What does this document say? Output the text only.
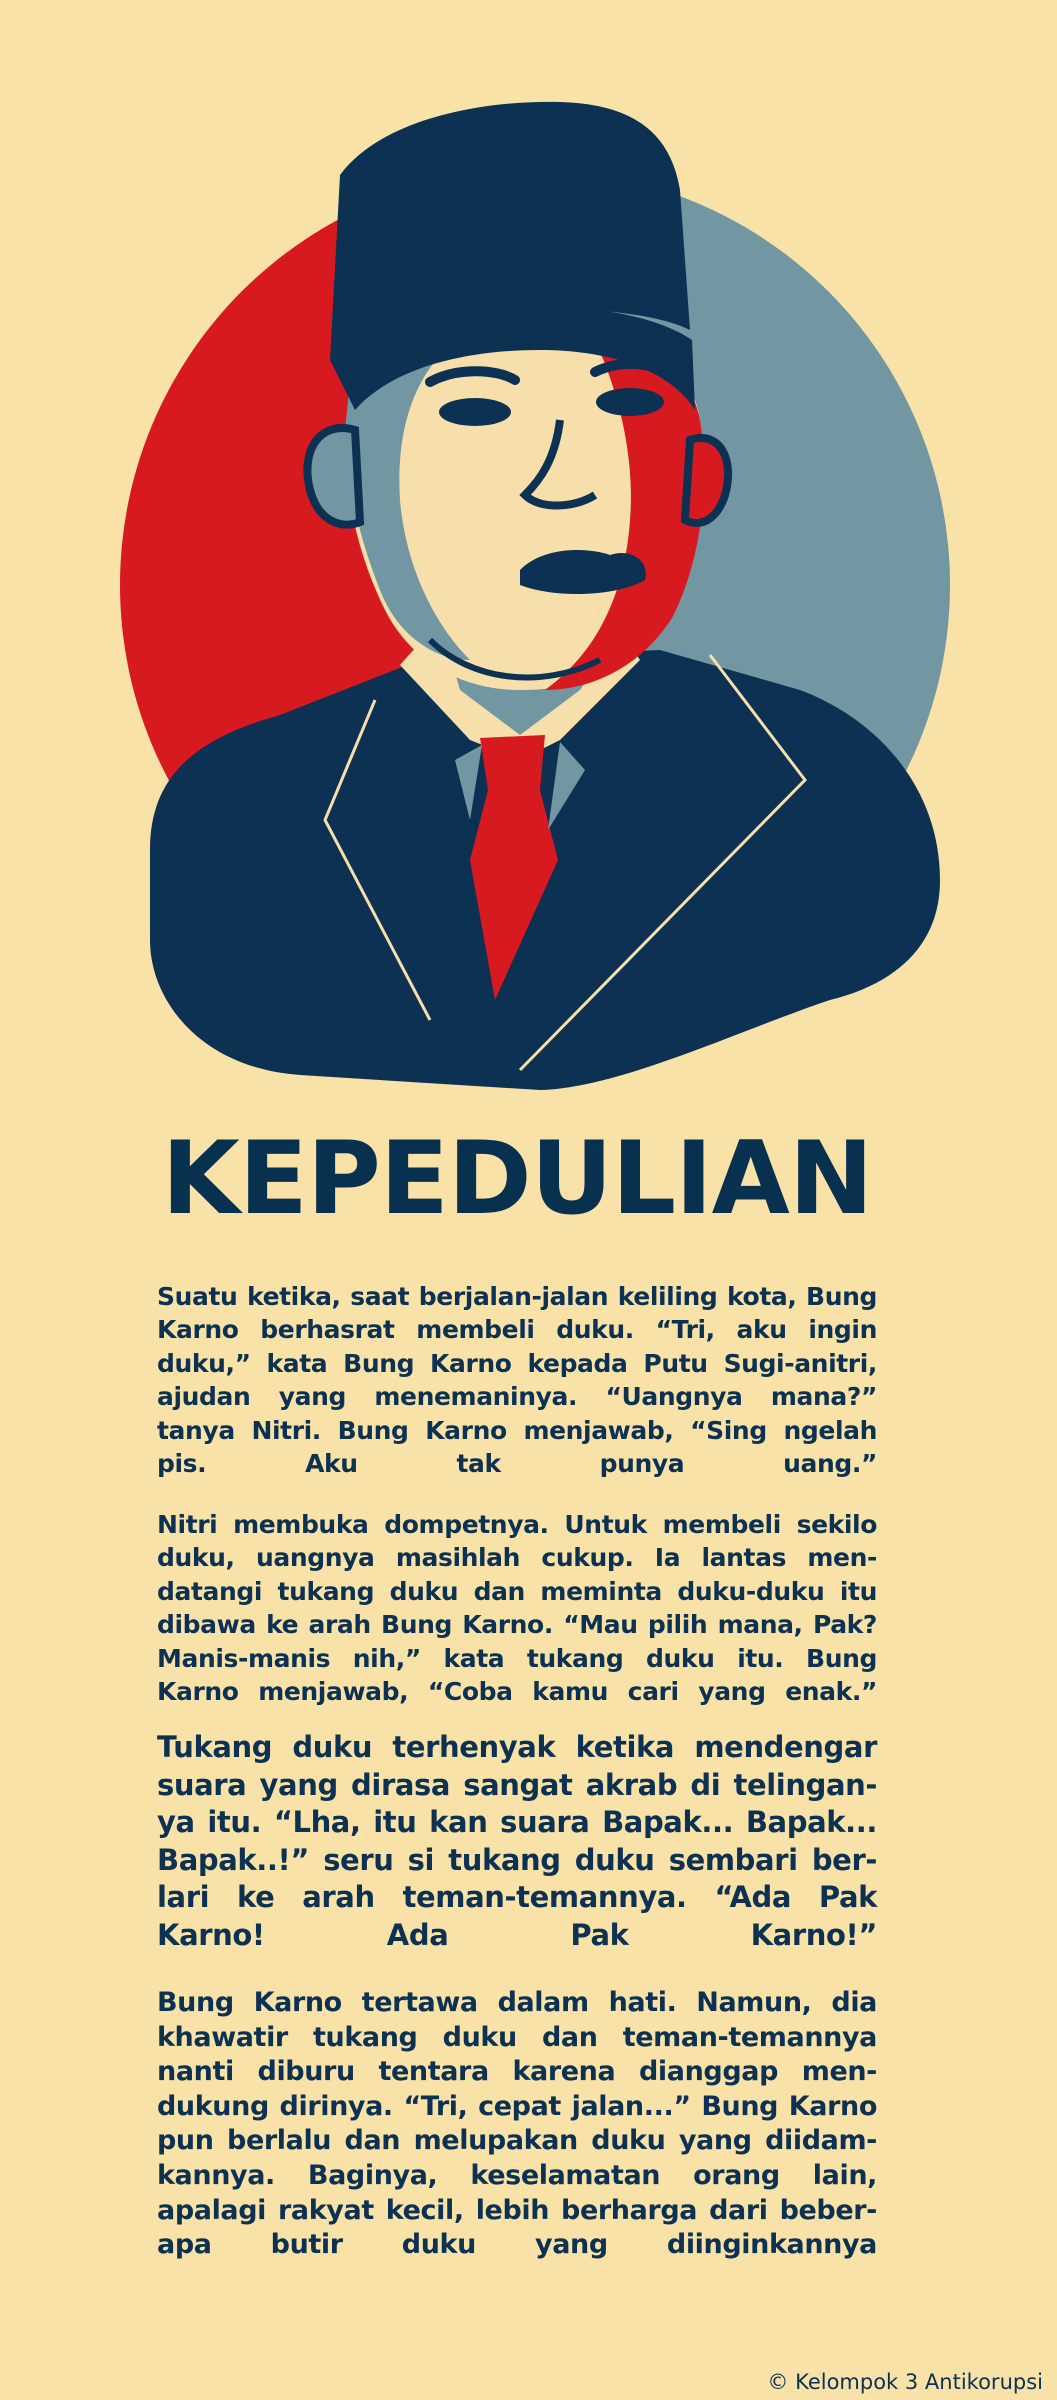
KEPEDULIAN

Suatu ketika, saat berjalan-jalan keliling kota, Bung Karno berhasrat membeli duku. “Tri, aku ingin duku,” kata Bung Karno kepada Putu Sugi-anitri, ajudan yang menemaninya. “Uangnya mana?” tanya Nitri. Bung Karno menjawab, “Sing ngelah pis. Aku tak punya uang.”

Nitri membuka dompetnya. Untuk membeli sekilo duku, uangnya masihlah cukup. Ia lantas men-datangi tukang duku dan meminta duku-duku itu dibawa ke arah Bung Karno. “Mau pilih mana, Pak? Manis-manis nih,” kata tukang duku itu. Bung Karno menjawab, “Coba kamu cari yang enak.”

Tukang duku terhenyak ketika mendengar suara yang dirasa sangat akrab di telingan-ya itu. “Lha, itu kan suara Bapak... Bapak... Bapak..!” seru si tukang duku sembari ber-lari ke arah teman-temannya. “Ada Pak Karno! Ada Pak Karno!”

Bung Karno tertawa dalam hati. Namun, dia khawatir tukang duku dan teman-temannya nanti diburu tentara karena dianggap men-dukung dirinya. “Tri, cepat jalan...” Bung Karno pun berlalu dan melupakan duku yang diidam-kannya. Baginya, keselamatan orang lain, apalagi rakyat kecil, lebih berharga dari beber-apa butir duku yang diinginkannya

© Kelompok 3 Antikorupsi
